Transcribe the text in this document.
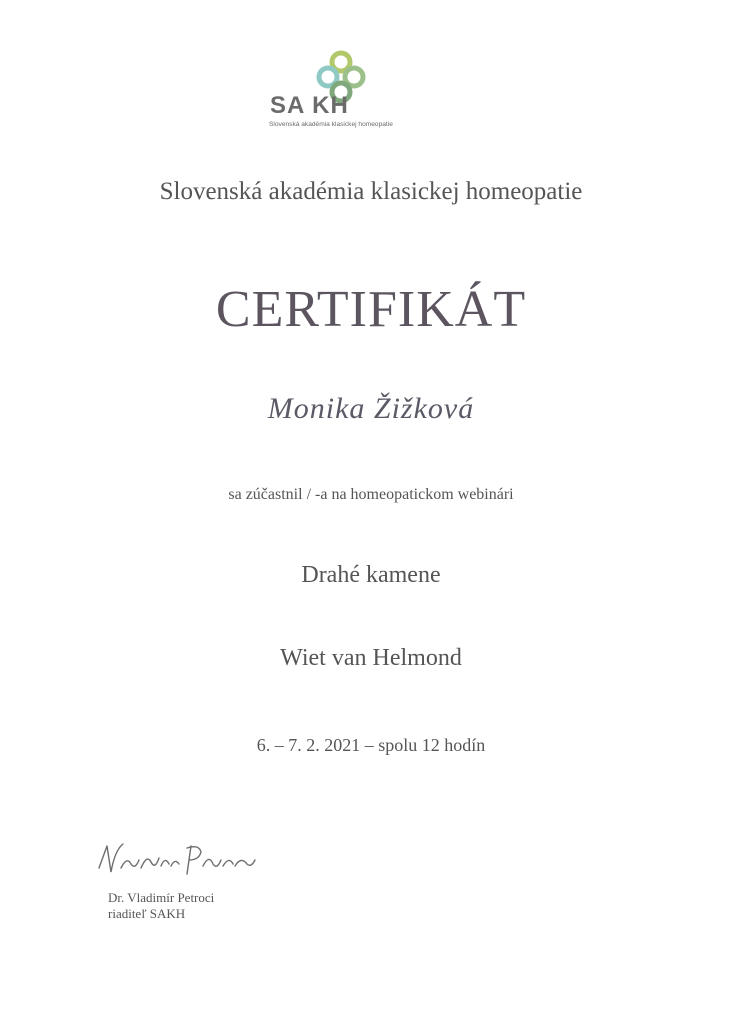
SA KH
Slovenská akadémia klasickej homeopatie
Slovenská akadémia klasickej homeopatie
CERTIFIKÁT
Monika Žižková
sa zúčastnil / -a na homeopatickom webinári
Drahé kamene
Wiet van Helmond
6. – 7. 2. 2021 – spolu 12 hodín
Dr. Vladimír Petroci
riaditeľ SAKH
